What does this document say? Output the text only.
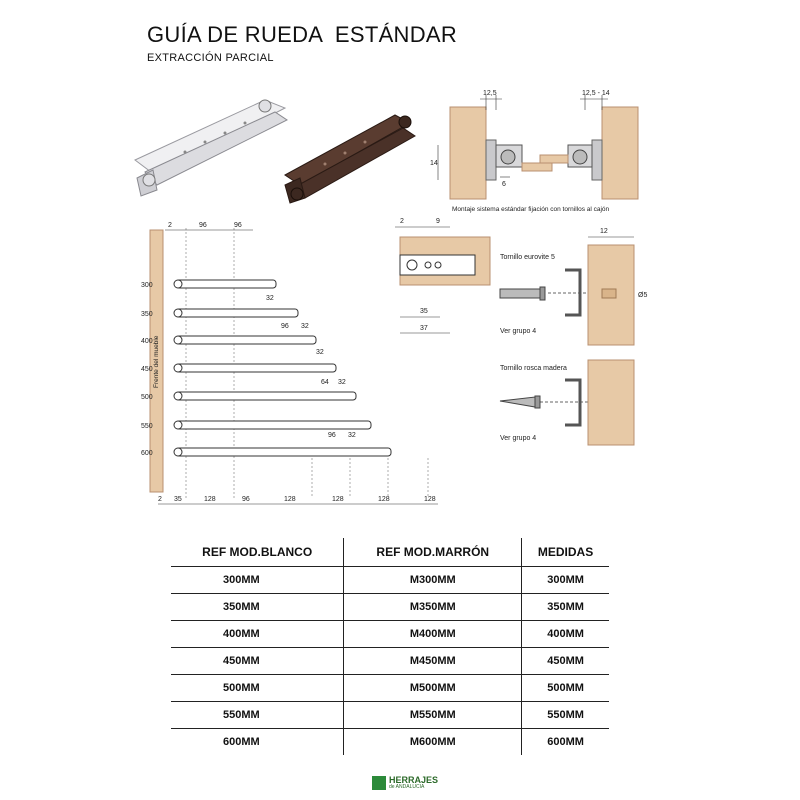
GUÍA DE RUEDA  ESTÁNDAR
EXTRACCIÓN PARCIAL
12,5
14
6
12,5 - 14
Montaje sistema estándar fijación con tornillos al cajón
Frente del mueble
2	96	96
300
350
400
450
500
550
600
32
96 32
32
64 32
96 32
2 35	128	96	128	128	128	128
2	9
35
37
Tornillo eurovite 5
Ver grupo 4
12
Ø5
Tornillo rosca madera
Ver grupo 4
REF MOD.BLANCO	REF MOD.MARRÓN	MEDIDAS
300MM	M300MM	300MM
350MM	M350MM	350MM
400MM	M400MM	400MM
450MM	M450MM	450MM
500MM	M500MM	500MM
550MM	M550MM	550MM
600MM	M600MM	600MM
HERRAJES
de ANDALUCIA
